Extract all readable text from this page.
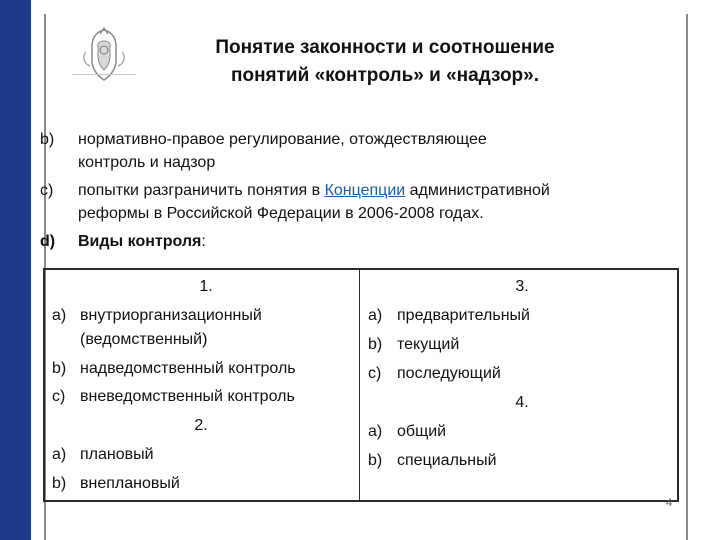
Понятие законности и соотношение
понятий «контроль» и «надзор».
b) нормативно-правое регулирование, отождествляющее
контроль и надзор
c) попытки разграничить понятия в Концепции административной
реформы в Российской Федерации в 2006-2008 годах.
d) Виды контроля:
1.
a) внутриорганизационный
(ведомственный)
b) надведомственный контроль
c) вневедомственный контроль
2.
a) плановый
b) внеплановый
3.
a) предварительный
b) текущий
c) последующий
4.
a) общий
b) специальный
4
